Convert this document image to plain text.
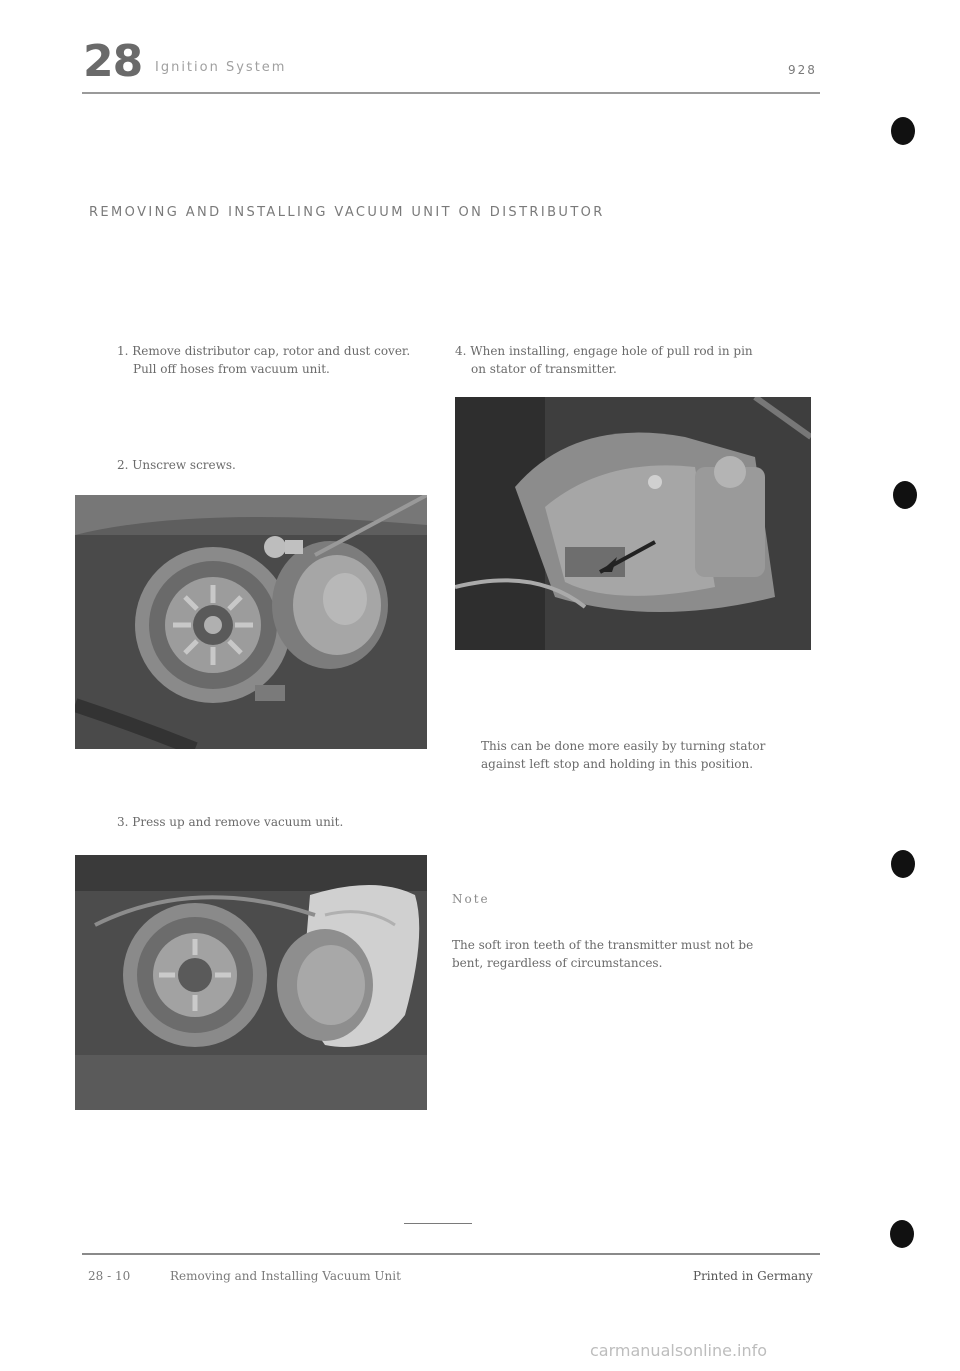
28 Ignition System	928
REMOVING AND INSTALLING VACUUM UNIT ON DISTRIBUTOR
1. Remove distributor cap, rotor and dust cover.
Pull off hoses from vacuum unit.
2. Unscrew screws.
3. Press up and remove vacuum unit.
4. When installing, engage hole of pull rod in pin
on stator of transmitter.
This can be done more easily by turning stator
against left stop and holding in this position.
Note
The soft iron teeth of the transmitter must not be
bent, regardless of circumstances.
28 - 10	Removing and Installing Vacuum Unit	Printed in Germany
carmanualsonline.info
